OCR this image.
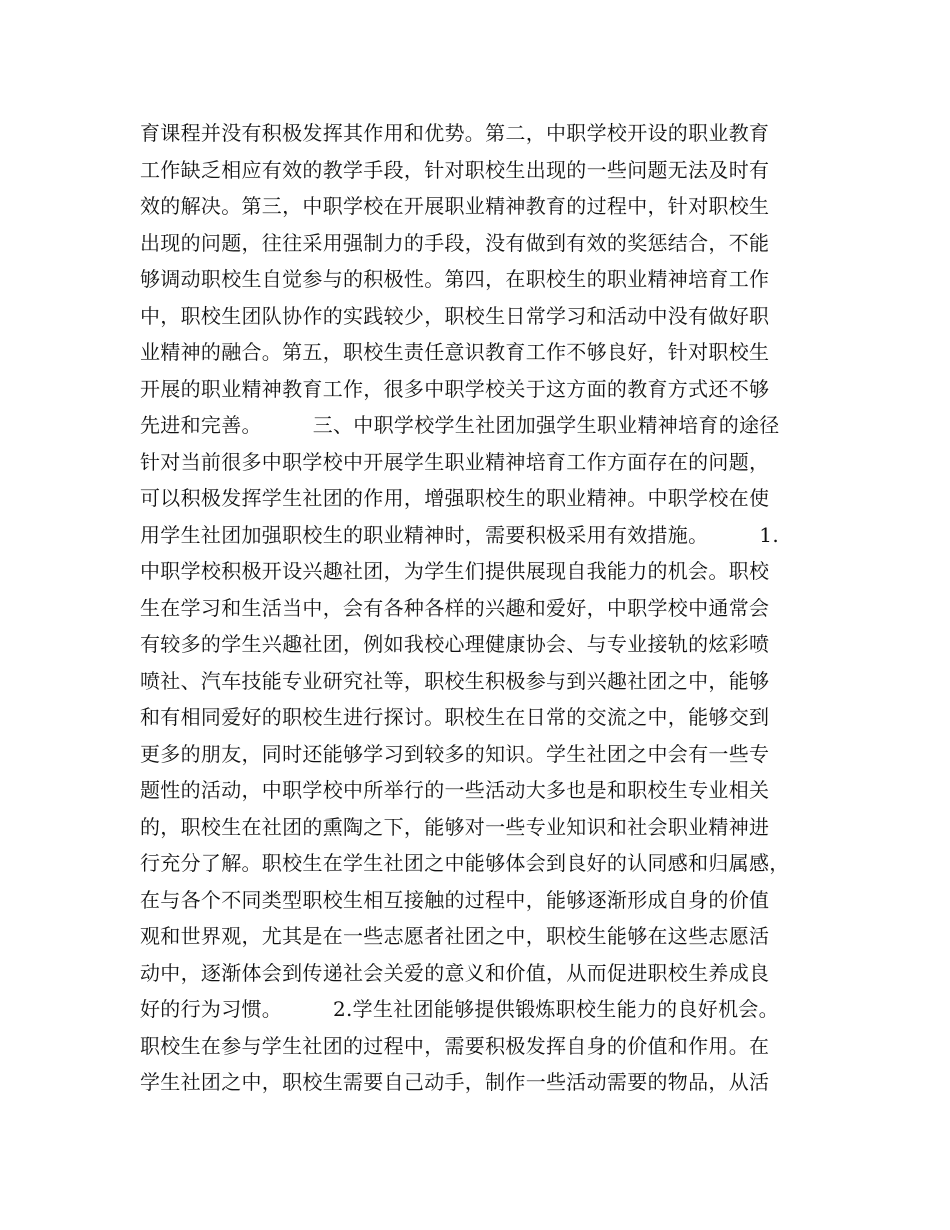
育课程并没有积极发挥其作用和优势。第二，中职学校开设的职业教育
工作缺乏相应有效的教学手段，针对职校生出现的一些问题无法及时有
效的解决。第三，中职学校在开展职业精神教育的过程中，针对职校生
出现的问题，往往采用强制力的手段，没有做到有效的奖惩结合，不能
够调动职校生自觉参与的积极性。第四，在职校生的职业精神培育工作
中，职校生团队协作的实践较少，职校生日常学习和活动中没有做好职
业精神的融合。第五，职校生责任意识教育工作不够良好，针对职校生
开展的职业精神教育工作，很多中职学校关于这方面的教育方式还不够
先进和完善。　　　三、中职学校学生社团加强学生职业精神培育的途径
针对当前很多中职学校中开展学生职业精神培育工作方面存在的问题，
可以积极发挥学生社团的作用，增强职校生的职业精神。中职学校在使
用学生社团加强职校生的职业精神时，需要积极采用有效措施。　　　1.
中职学校积极开设兴趣社团，为学生们提供展现自我能力的机会。职校
生在学习和生活当中，会有各种各样的兴趣和爱好，中职学校中通常会
有较多的学生兴趣社团，例如我校心理健康协会、与专业接轨的炫彩喷
喷社、汽车技能专业研究社等，职校生积极参与到兴趣社团之中，能够
和有相同爱好的职校生进行探讨。职校生在日常的交流之中，能够交到
更多的朋友，同时还能够学习到较多的知识。学生社团之中会有一些专
题性的活动，中职学校中所举行的一些活动大多也是和职校生专业相关
的，职校生在社团的熏陶之下，能够对一些专业知识和社会职业精神进
行充分了解。职校生在学生社团之中能够体会到良好的认同感和归属感，
在与各个不同类型职校生相互接触的过程中，能够逐渐形成自身的价值
观和世界观，尤其是在一些志愿者社团之中，职校生能够在这些志愿活
动中，逐渐体会到传递社会关爱的意义和价值，从而促进职校生养成良
好的行为习惯。　　　2.学生社团能够提供锻炼职校生能力的良好机会。
职校生在参与学生社团的过程中，需要积极发挥自身的价值和作用。在
学生社团之中，职校生需要自己动手，制作一些活动需要的物品，从活
